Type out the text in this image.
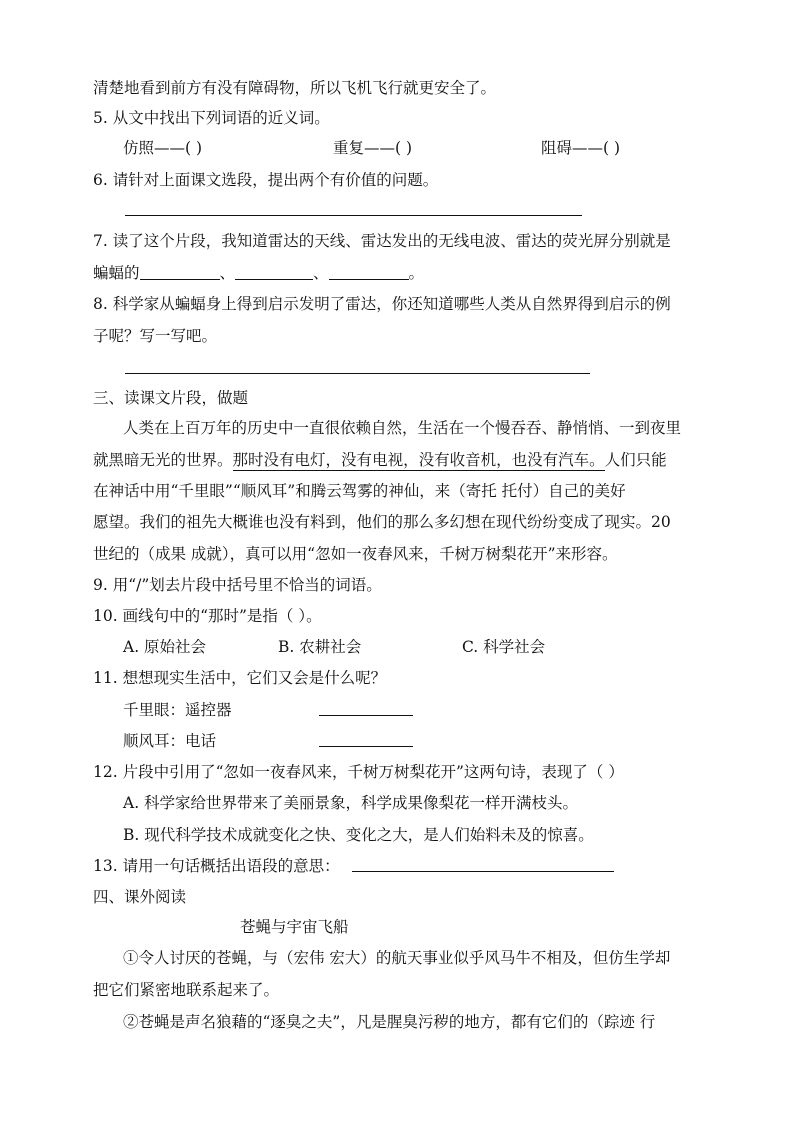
清楚地看到前方有没有障碍物，所以飞机飞行就更安全了。
5. 从文中找出下列词语的近义词。
仿照——( )	重复——( )	阻碍——( )
6. 请针对上面课文选段，提出两个有价值的问题。
7. 读了这个片段，我知道雷达的天线、雷达发出的无线电波、雷达的荧光屏分别就是
蝙蝠的	、	、	。
8. 科学家从蝙蝠身上得到启示发明了雷达，你还知道哪些人类从自然界得到启示的例
子呢？写一写吧。
三、读课文片段，做题
人类在上百万年的历史中一直很依赖自然，生活在一个慢吞吞、静悄悄、一到夜里
就黑暗无光的世界。那时没有电灯，没有电视，没有收音机，也没有汽车。人们只能
在神话中用“千里眼”“顺风耳”和腾云驾雾的神仙，来（寄托 托付）自己的美好
愿望。我们的祖先大概谁也没有料到，他们的那么多幻想在现代纷纷变成了现实。20
世纪的（成果 成就），真可以用“忽如一夜春风来，千树万树梨花开”来形容。
9. 用“/”划去片段中括号里不恰当的词语。
10. 画线句中的“那时”是指（ ）。
A. 原始社会	B. 农耕社会	C. 科学社会
11. 想想现实生活中，它们又会是什么呢？
千里眼：遥控器
顺风耳：电话
12. 片段中引用了“忽如一夜春风来，千树万树梨花开”这两句诗，表现了（ ）
A. 科学家给世界带来了美丽景象，科学成果像梨花一样开满枝头。
B. 现代科学技术成就变化之快、变化之大，是人们始料未及的惊喜。
13. 请用一句话概括出语段的意思：
四、课外阅读
苍蝇与宇宙飞船
①令人讨厌的苍蝇，与（宏伟 宏大）的航天事业似乎风马牛不相及，但仿生学却
把它们紧密地联系起来了。
②苍蝇是声名狼藉的“逐臭之夫”，凡是腥臭污秽的地方，都有它们的（踪迹 行
